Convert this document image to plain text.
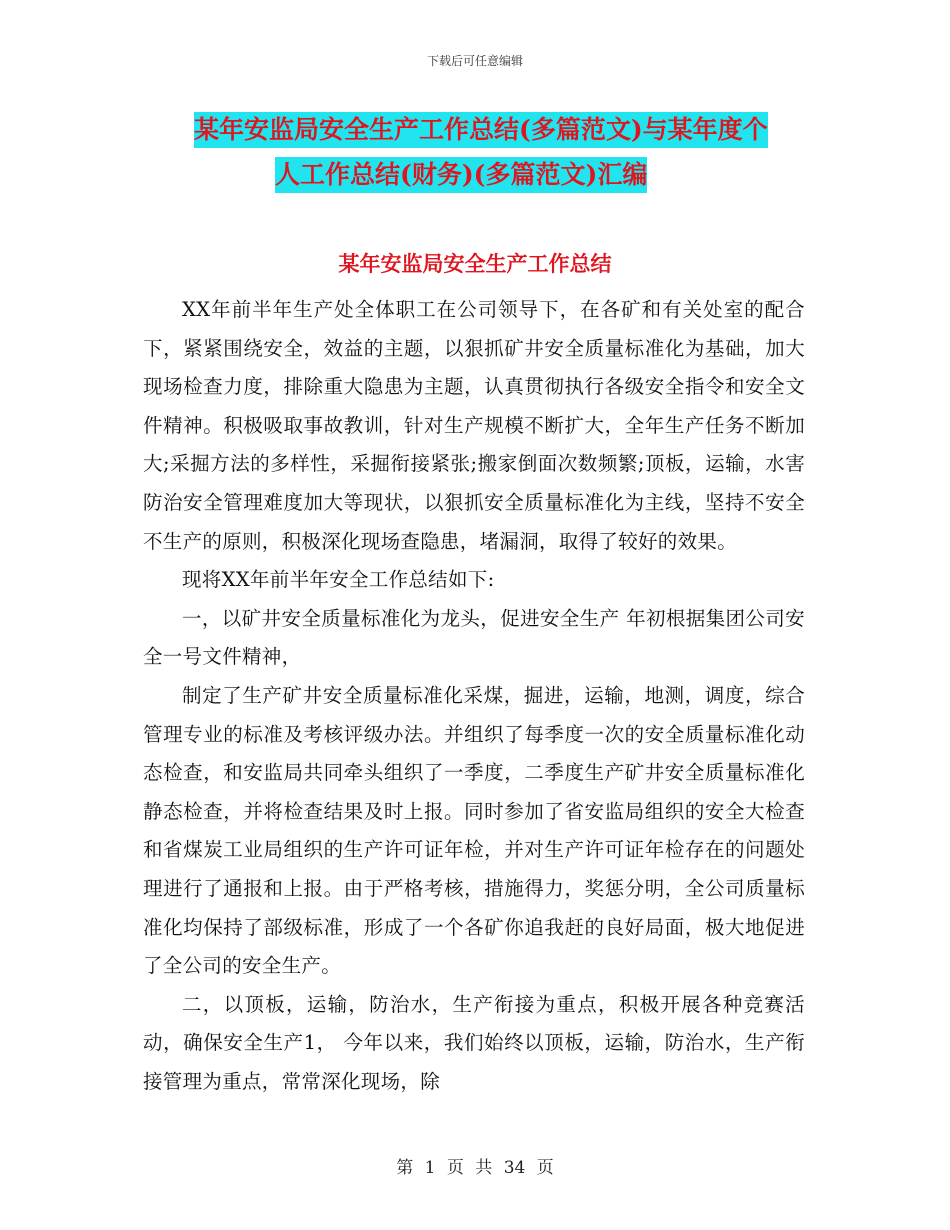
下载后可任意编辑
某年安监局安全生产工作总结(多篇范文)与某年度个
人工作总结(财务)(多篇范文)汇编
某年安监局安全生产工作总结

XX年前半年生产处全体职工在公司领导下，在各矿和有关处室的配合下，紧紧围绕安全，效益的主题，以狠抓矿井安全质量标准化为基础，加大现场检查力度，排除重大隐患为主题，认真贯彻执行各级安全指令和安全文件精神。积极吸取事故教训，针对生产规模不断扩大，全年生产任务不断加大;采掘方法的多样性，采掘衔接紧张;搬家倒面次数频繁;顶板，运输，水害防治安全管理难度加大等现状，以狠抓安全质量标准化为主线，坚持不安全不生产的原则，积极深化现场查隐患，堵漏洞，取得了较好的效果。

现将XX年前半年安全工作总结如下:

一，以矿井安全质量标准化为龙头，促进安全生产 年初根据集团公司安全一号文件精神，

制定了生产矿井安全质量标准化采煤，掘进，运输，地测，调度，综合管理专业的标准及考核评级办法。并组织了每季度一次的安全质量标准化动态检查，和安监局共同牵头组织了一季度，二季度生产矿井安全质量标准化静态检查，并将检查结果及时上报。同时参加了省安监局组织的安全大检查和省煤炭工业局组织的生产许可证年检，并对生产许可证年检存在的问题处理进行了通报和上报。由于严格考核，措施得力，奖惩分明，全公司质量标准化均保持了部级标准，形成了一个各矿你追我赶的良好局面，极大地促进了全公司的安全生产。

二，以顶板，运输，防治水，生产衔接为重点，积极开展各种竞赛活动，确保安全生产1， 今年以来，我们始终以顶板，运输，防治水，生产衔接管理为重点，常常深化现场，除

第 1 页 共 34 页
